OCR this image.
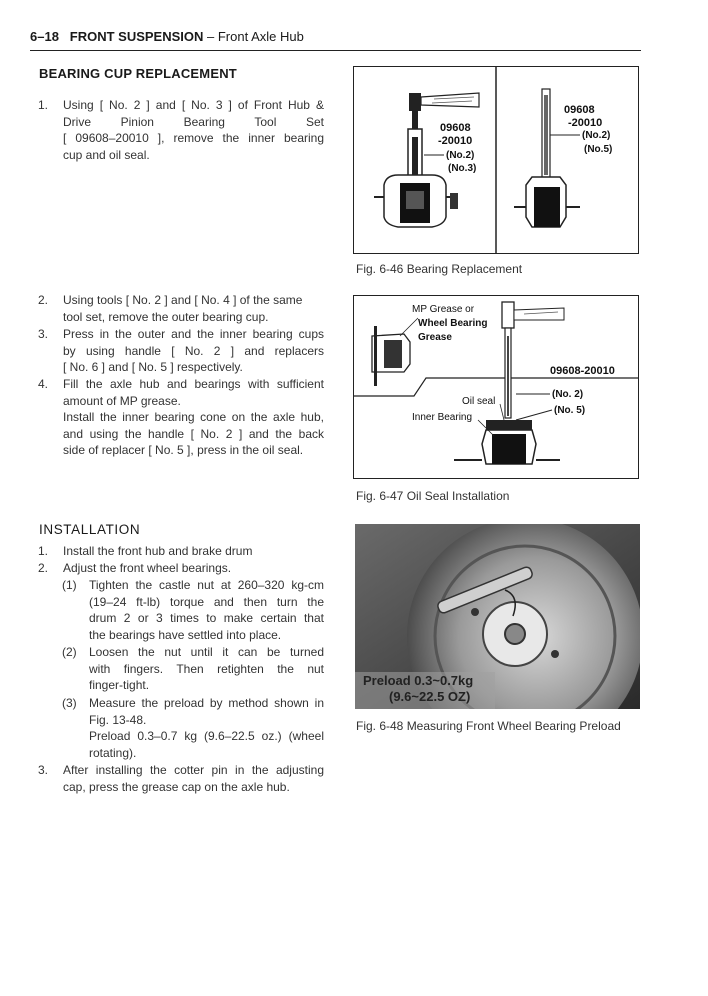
6–18 FRONT SUSPENSION – Front Axle Hub
BEARING CUP REPLACEMENT
1. Using [ No. 2 ] and [ No. 3 ] of Front Hub &
Drive Pinion Bearing Tool Set
[ 09608–20010 ], remove the inner bearing
cup and oil seal.
2. Using tools [ No. 2 ] and [ No. 4 ] of the same
tool set, remove the outer bearing cup.
3. Press in the outer and the inner bearing cups
by using handle [ No. 2 ] and replacers
[ No. 6 ] and [ No. 5 ] respectively.
4. Fill the axle hub and bearings with sufficient
amount of MP grease.
Install the inner bearing cone on the axle hub,
and using the handle [ No. 2 ] and the back
side of replacer [ No. 5 ], press in the oil seal.
INSTALLATION
1. Install the front hub and brake drum
2. Adjust the front wheel bearings.
(1) Tighten the castle nut at 260–320 kg-cm
(19–24 ft-lb) torque and then turn the
drum 2 or 3 times to make certain that
the bearings have settled into place.
(2) Loosen the nut until it can be turned
with fingers. Then retighten the nut
finger-tight.
(3) Measure the preload by method shown in
Fig. 13-48.
Preload 0.3–0.7 kg (9.6–22.5 oz.) (wheel
rotating).
3. After installing the cotter pin in the adjusting
cap, press the grease cap on the axle hub.
09608
-20010
(No.2)
(No.3)
09608
-20010
(No.2)
(No.5)
Fig. 6-46 Bearing Replacement
MP Grease or
Wheel Bearing
Grease
09608-20010
(No. 2)
(No. 5)
Oil seal
Inner Bearing
Fig. 6-47 Oil Seal Installation
Preload 0.3~0.7kg
(9.6~22.5 OZ)
Fig. 6-48 Measuring Front Wheel Bearing Preload
